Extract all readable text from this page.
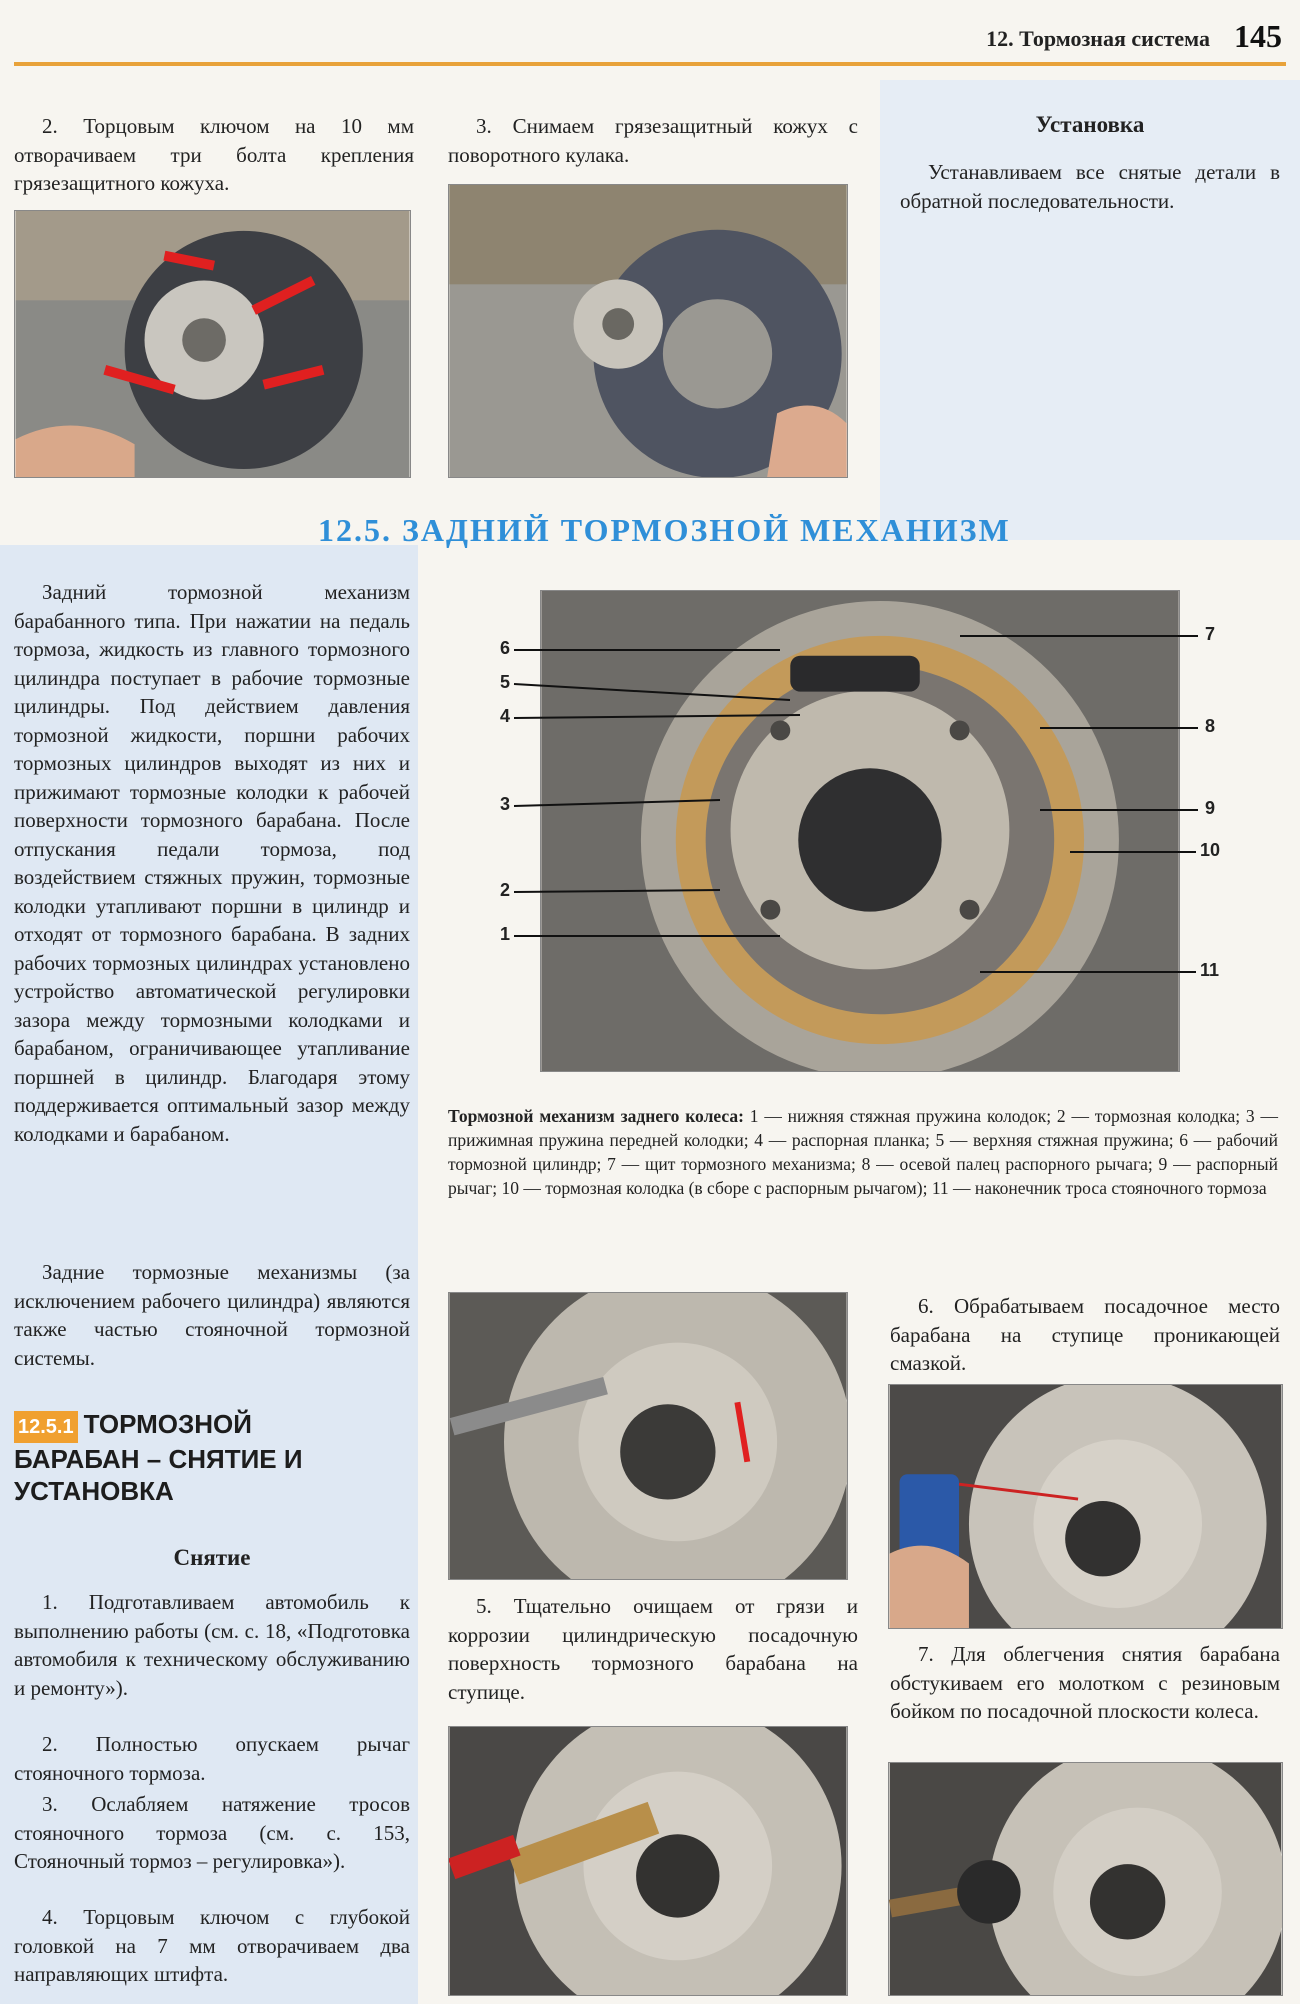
12. Тормозная система 145

2. Торцовым ключом на 10 мм отворачиваем три болта крепления грязезащитного кожуха.

3. Снимаем грязезащитный кожух с поворотного кулака.

Установка

Устанавливаем все снятые детали в обратной последовательности.

12.5. ЗАДНИЙ ТОРМОЗНОЙ МЕХАНИЗМ

Задний тормозной механизм барабанного типа. При нажатии на педаль тормоза, жидкость из главного тормозного цилиндра поступает в рабочие тормозные цилиндры. Под действием давления тормозной жидкости, поршни рабочих тормозных цилиндров выходят из них и прижимают тормозные колодки к рабочей поверхности тормозного барабана. После отпускания педали тормоза, под воздействием стяжных пружин, тормозные колодки утапливают поршни в цилиндр и отходят от тормозного барабана. В задних рабочих тормозных цилиндрах установлено устройство автоматической регулировки зазора между тормозными колодками и барабаном, ограничивающее утапливание поршней в цилиндр. Благодаря этому поддерживается оптимальный зазор между колодками и барабаном.

Задние тормозные механизмы (за исключением рабочего цилиндра) являются также частью стояночной тормозной системы.

6
5
4
3
2
1
7
8
9
10
11

Тормозной механизм заднего колеса: 1 — нижняя стяжная пружина колодок; 2 — тормозная колодка; 3 — прижимная пружина передней колодки; 4 — распорная планка; 5 — верхняя стяжная пружина; 6 — рабочий тормозной цилиндр; 7 — щит тормозного механизма; 8 — осевой палец распорного рычага; 9 — распорный рычаг; 10 — тормозная колодка (в сборе с распорным рычагом); 11 — наконечник троса стояночного тормоза

12.5.1 ТОРМОЗНОЙ БАРАБАН – СНЯТИЕ И УСТАНОВКА
Снятие

1. Подготавливаем автомобиль к выполнению работы (см. с. 18, «Подготовка автомобиля к техническому обслуживанию и ремонту»).

2. Полностью опускаем рычаг стояночного тормоза.

3. Ослабляем натяжение тросов стояночного тормоза (см. с. 153, Стояночный тормоз – регулировка»).

4. Торцовым ключом с глубокой головкой на 7 мм отворачиваем два направляющих штифта.

5. Тщательно очищаем от грязи и коррозии цилиндрическую посадочную поверхность тормозного барабана на ступице.

6. Обрабатываем посадочное место барабана на ступице проникающей смазкой.

7. Для облегчения снятия барабана обстукиваем его молотком с резиновым бойком по посадочной плоскости колеса.
